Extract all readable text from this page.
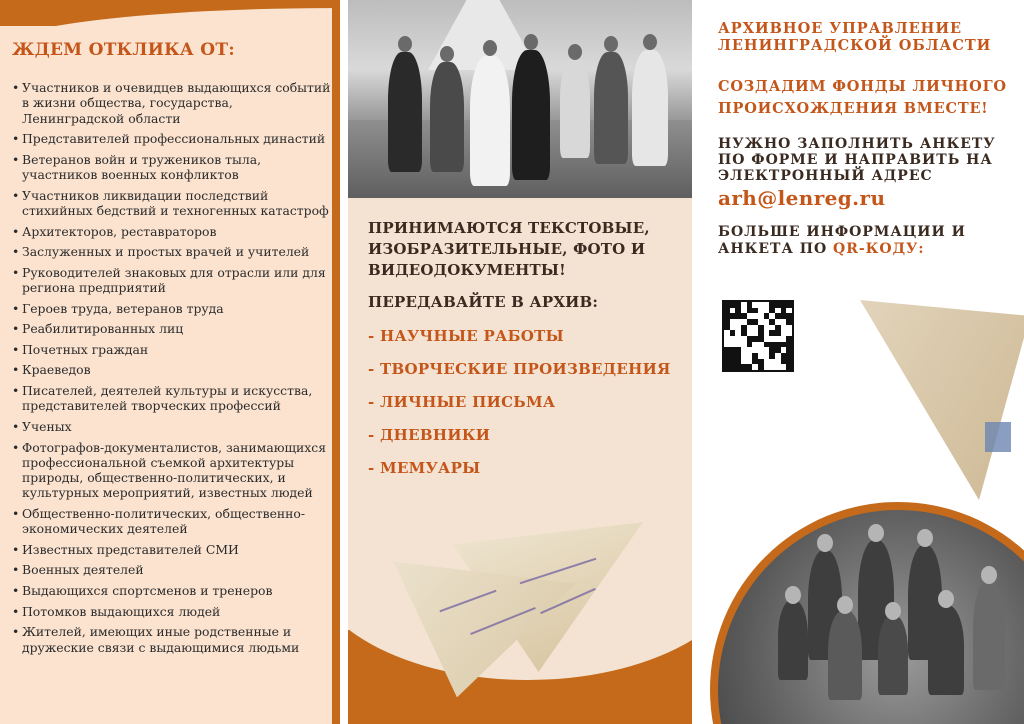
ЖДЕМ ОТКЛИКА ОТ:
• Участников и очевидцев выдающихся событий в жизни общества, государства, Ленинградской области
• Представителей профессиональных династий
• Ветеранов войн и тружеников тыла, участников военных конфликтов
• Участников ликвидации последствий стихийных бедствий и техногенных катастроф
• Архитекторов, реставраторов
• Заслуженных и простых врачей и учителей
• Руководителей знаковых для отрасли или для региона предприятий
• Героев труда, ветеранов труда
• Реабилитированных лиц
• Почетных граждан
• Краеведов
• Писателей, деятелей культуры и искусства, представителей творческих профессий
• Ученых
• Фотографов-документалистов, занимающихся профессиональной съемкой архитектуры природы, общественно-политических, и культурных мероприятий, известных людей
• Общественно-политических, общественно-экономических деятелей
• Известных представителей СМИ
• Военных деятелей
• Выдающихся спортсменов и тренеров
• Потомков выдающихся людей
• Жителей, имеющих иные родственные и дружеские связи с выдающимися людьми
ПРИНИМАЮТСЯ ТЕКСТОВЫЕ, ИЗОБРАЗИТЕЛЬНЫЕ, ФОТО И ВИДЕОДОКУМЕНТЫ!
ПЕРЕДАВАЙТЕ В АРХИВ:
- НАУЧНЫЕ РАБОТЫ
- ТВОРЧЕСКИЕ ПРОИЗВЕДЕНИЯ
- ЛИЧНЫЕ ПИСЬМА
- ДНЕВНИКИ
- МЕМУАРЫ
АРХИВНОЕ УПРАВЛЕНИЕ ЛЕНИНГРАДСКОЙ ОБЛАСТИ
СОЗДАДИМ ФОНДЫ ЛИЧНОГО ПРОИСХОЖДЕНИЯ ВМЕСТЕ!
НУЖНО ЗАПОЛНИТЬ АНКЕТУ ПО ФОРМЕ И НАПРАВИТЬ НА ЭЛЕКТРОННЫЙ АДРЕС
arh@lenreg.ru
БОЛЬШЕ ИНФОРМАЦИИ И АНКЕТА ПО QR-КОДУ:
